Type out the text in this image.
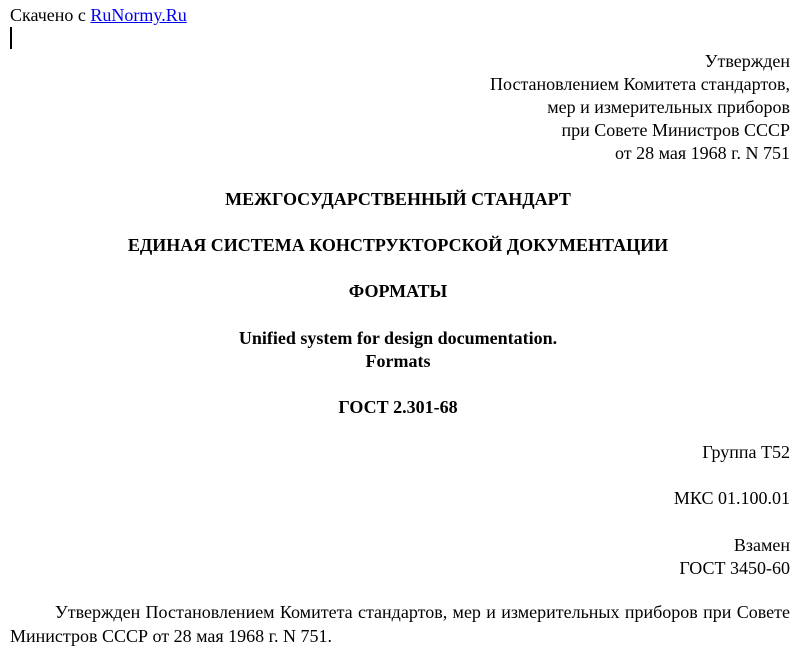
Скачено с RuNormy.Ru
Утвержден
Постановлением Комитета стандартов,
мер и измерительных приборов
при Совете Министров СССР
от 28 мая 1968 г. N 751
МЕЖГОСУДАРСТВЕННЫЙ СТАНДАРТ
ЕДИНАЯ СИСТЕМА КОНСТРУКТОРСКОЙ ДОКУМЕНТАЦИИ
ФОРМАТЫ
Unified system for design documentation.
Formats
ГОСТ 2.301-68
Группа Т52
МКС 01.100.01
Взамен
ГОСТ 3450-60
Утвержден Постановлением Комитета стандартов, мер и измерительных приборов при Совете Министров СССР от 28 мая 1968 г. N 751.
